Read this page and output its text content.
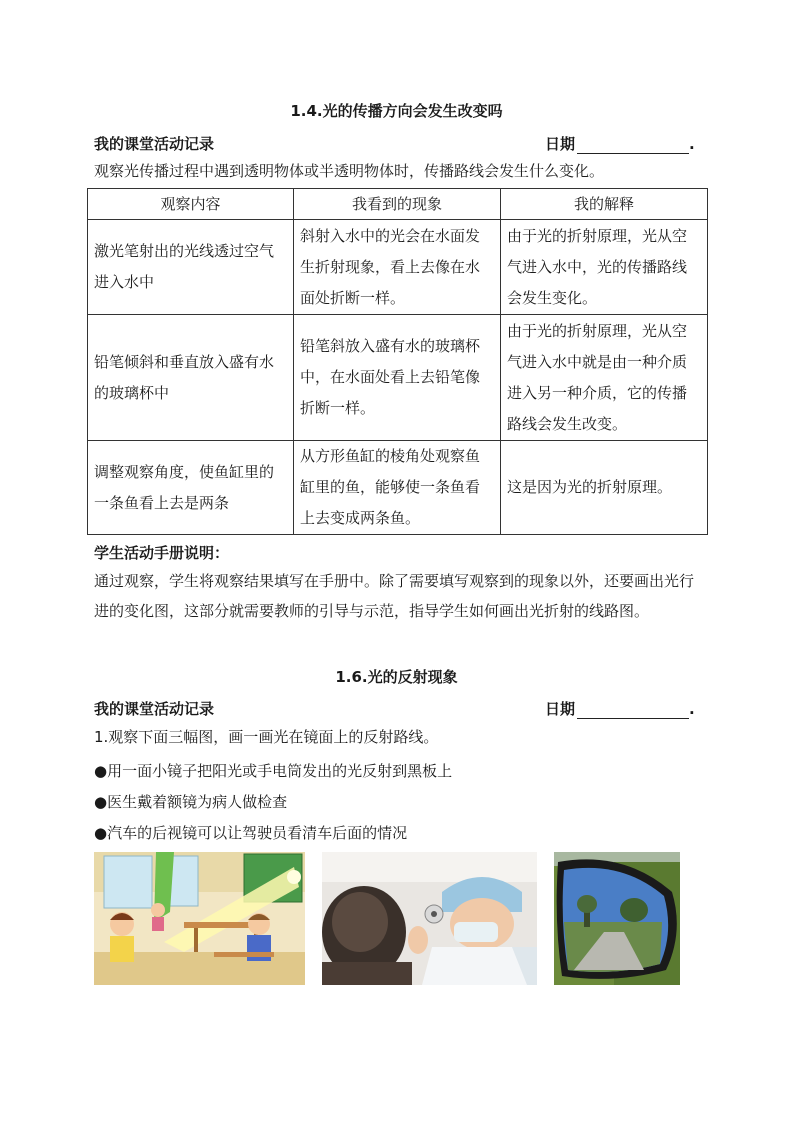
1.4.光的传播方向会发生改变吗
我的课堂活动记录	日期	.
观察光传播过程中遇到透明物体或半透明物体时，传播路线会发生什么变化。
观察内容	我看到的现象	我的解释
激光笔射出的光线透过空气进入水中	斜射入水中的光会在水面发生折射现象，看上去像在水面处折断一样。	由于光的折射原理，光从空气进入水中，光的传播路线会发生变化。
铅笔倾斜和垂直放入盛有水的玻璃杯中	铅笔斜放入盛有水的玻璃杯中，在水面处看上去铅笔像折断一样。	由于光的折射原理，光从空气进入水中就是由一种介质进入另一种介质，它的传播路线会发生改变。
调整观察角度，使鱼缸里的一条鱼看上去是两条	从方形鱼缸的棱角处观察鱼缸里的鱼，能够使一条鱼看上去变成两条鱼。	这是因为光的折射原理。
学生活动手册说明：
通过观察，学生将观察结果填写在手册中。除了需要填写观察到的现象以外，还要画出光行进的变化图，这部分就需要教师的引导与示范，指导学生如何画出光折射的线路图。
1.6.光的反射现象
我的课堂活动记录	日期	.
1.观察下面三幅图，画一画光在镜面上的反射路线。
●用一面小镜子把阳光或手电筒发出的光反射到黑板上
●医生戴着额镜为病人做检查
●汽车的后视镜可以让驾驶员看清车后面的情况
